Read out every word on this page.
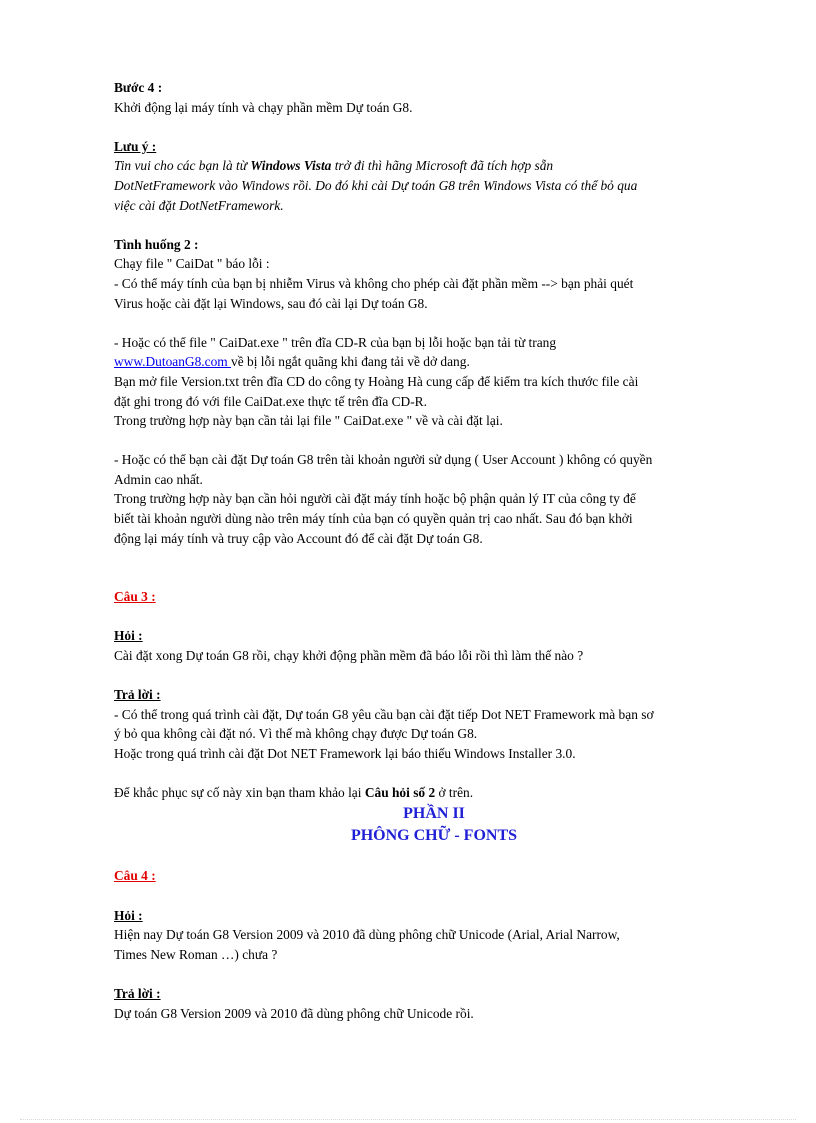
Bước 4 :
Khởi động lại máy tính và chạy phần mềm Dự toán G8.
Lưu ý :
Tin vui cho các bạn là từ Windows Vista trở đi thì hãng Microsoft đã tích hợp sẵn
DotNetFramework vào Windows rồi. Do đó khi cài Dự toán G8 trên Windows Vista có thể bỏ qua
việc cài đặt DotNetFramework.
Tình huống 2 :
Chạy file " CaiDat " báo lỗi :
- Có thể máy tính của bạn bị nhiễm Virus và không cho phép cài đặt phần mềm --> bạn phải quét
Virus hoặc cài đặt lại Windows, sau đó cài lại Dự toán G8.
- Hoặc có thể file " CaiDat.exe " trên đĩa CD-R của bạn bị lỗi hoặc bạn tải từ trang
www.DutoanG8.com về bị lỗi ngắt quãng khi đang tải về dở dang.
Bạn mở file Version.txt trên đĩa CD do công ty Hoàng Hà cung cấp để kiểm tra kích thước file cài
đặt ghi trong đó với file CaiDat.exe thực tế trên đĩa CD-R.
Trong trường hợp này bạn cần tải lại file " CaiDat.exe " về và cài đặt lại.
- Hoặc có thể bạn cài đặt Dự toán G8 trên tài khoản người sử dụng ( User Account ) không có quyền
Admin cao nhất.
Trong trường hợp này bạn cần hỏi người cài đặt máy tính hoặc bộ phận quản lý IT của công ty để
biết tài khoản người dùng nào trên máy tính của bạn có quyền quản trị cao nhất. Sau đó bạn khởi
động lại máy tính và truy cập vào Account đó để cài đặt Dự toán G8.
Câu 3 :
Hỏi :
Cài đặt xong Dự toán G8 rồi, chạy khởi động phần mềm đã báo lỗi rồi thì làm thế nào ?
Trả lời :
- Có thể trong quá trình cài đặt, Dự toán G8 yêu cầu bạn cài đặt tiếp Dot NET Framework mà bạn sơ
ý bỏ qua không cài đặt nó. Vì thế mà không chạy được Dự toán G8.
Hoặc trong quá trình cài đặt Dot NET Framework lại báo thiếu Windows Installer 3.0.
Để khắc phục sự cố này xin bạn tham khảo lại Câu hỏi số 2 ở trên.
PHẦN II
PHÔNG CHỮ - FONTS
Câu 4 :
Hỏi :
Hiện nay Dự toán G8 Version 2009 và 2010 đã dùng phông chữ Unicode (Arial, Arial Narrow,
Times New Roman …) chưa ?
Trả lời :
Dự toán G8 Version 2009 và 2010 đã dùng phông chữ Unicode rồi.
